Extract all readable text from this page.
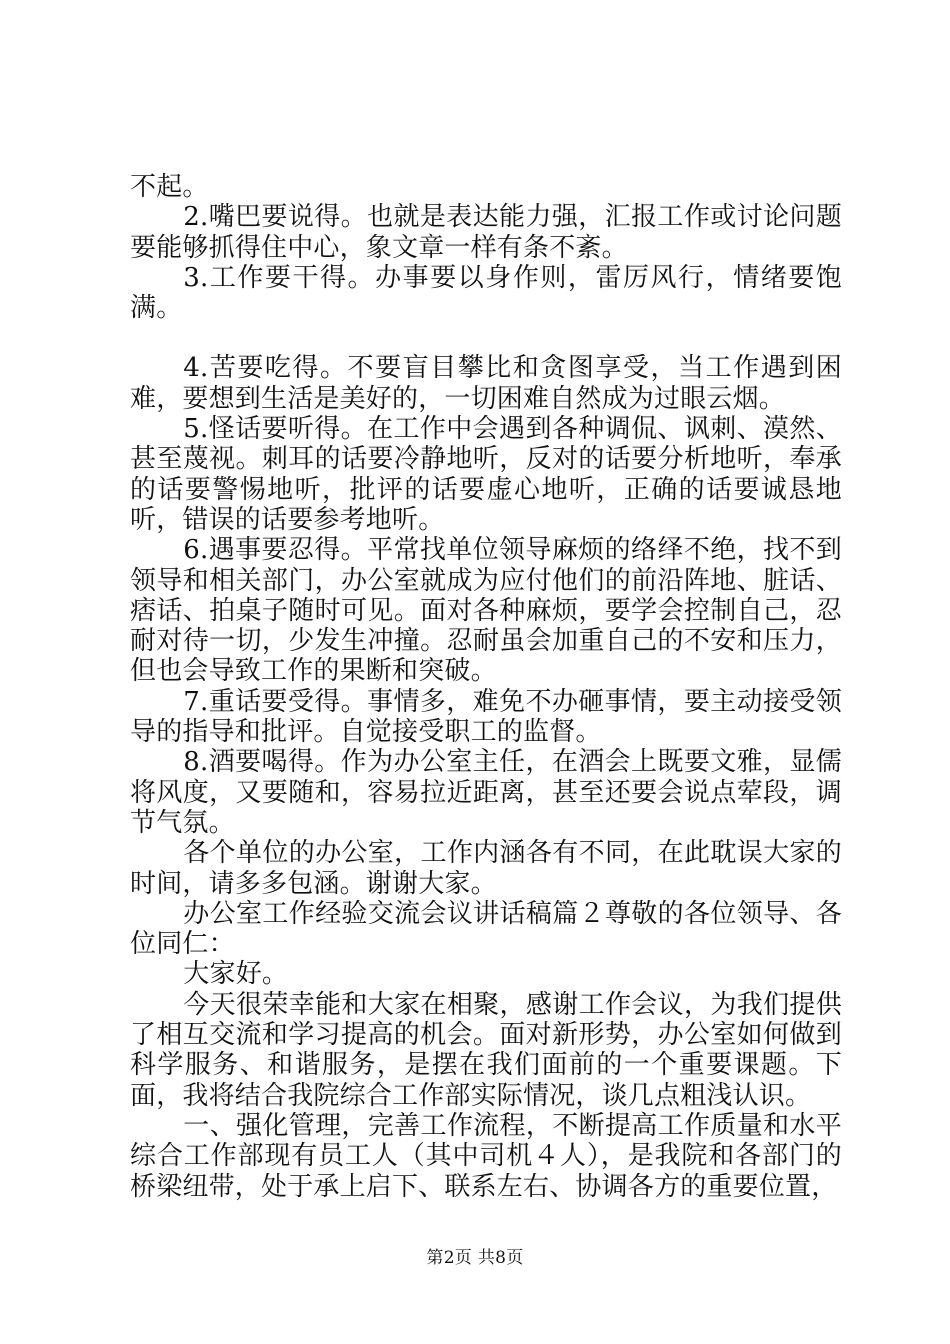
不起。

2.嘴巴要说得。也就是表达能力强，汇报工作或讨论问题要能够抓得住中心，象文章一样有条不紊。

3.工作要干得。办事要以身作则，雷厉风行，情绪要饱满。

4.苦要吃得。不要盲目攀比和贪图享受，当工作遇到困难，要想到生活是美好的，一切困难自然成为过眼云烟。

5.怪话要听得。在工作中会遇到各种调侃、讽刺、漠然、甚至蔑视。刺耳的话要冷静地听，反对的话要分析地听，奉承的话要警惕地听，批评的话要虚心地听，正确的话要诚恳地听，错误的话要参考地听。

6.遇事要忍得。平常找单位领导麻烦的络绎不绝，找不到领导和相关部门，办公室就成为应付他们的前沿阵地、脏话、痞话、拍桌子随时可见。面对各种麻烦，要学会控制自己，忍耐对待一切，少发生冲撞。忍耐虽会加重自己的不安和压力，但也会导致工作的果断和突破。

7.重话要受得。事情多，难免不办砸事情，要主动接受领导的指导和批评。自觉接受职工的监督。

8.酒要喝得。作为办公室主任，在酒会上既要文雅，显儒将风度，又要随和，容易拉近距离，甚至还要会说点荤段，调节气氛。

各个单位的办公室，工作内涵各有不同，在此耽误大家的时间，请多多包涵。谢谢大家。

办公室工作经验交流会议讲话稿篇２尊敬的各位领导、各位同仁：

大家好。

今天很荣幸能和大家在相聚，感谢工作会议，为我们提供了相互交流和学习提高的机会。面对新形势，办公室如何做到科学服务、和谐服务，是摆在我们面前的一个重要课题。下面，我将结合我院综合工作部实际情况，谈几点粗浅认识。

一、强化管理，完善工作流程，不断提高工作质量和水平综合工作部现有员工人（其中司机４人），是我院和各部门的桥梁纽带，处于承上启下、联系左右、协调各方的重要位置，

第2页 共8页
